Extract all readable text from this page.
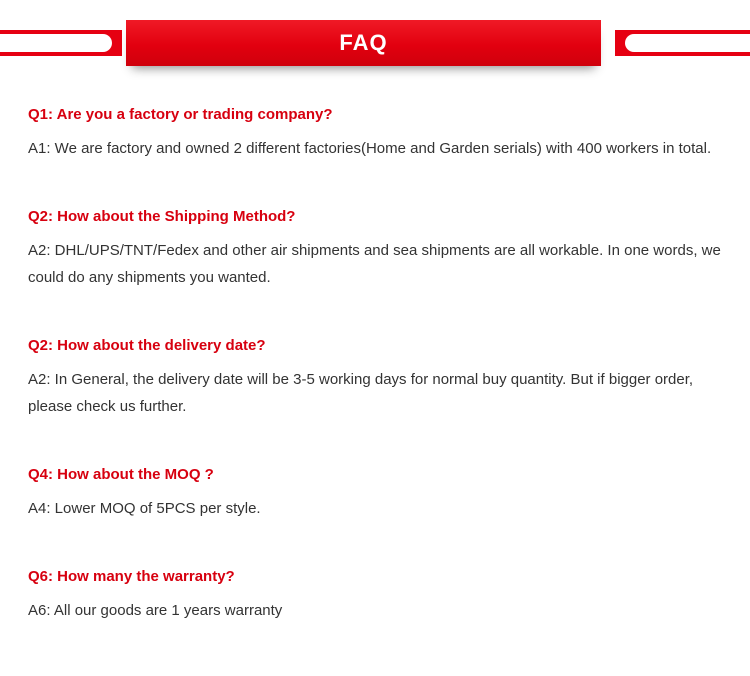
FAQ

Q1: Are you a factory or trading company?

A1: We are factory and owned 2 different factories(Home and Garden serials) with 400 workers in total.

Q2: How about the Shipping Method?

A2: DHL/UPS/TNT/Fedex and other air shipments and sea shipments are all workable. In one words, we could do any shipments you wanted.

Q2: How about the delivery date?

A2: In General, the delivery date will be 3-5 working days for normal buy quantity. But if bigger order, please check us further.

Q4: How about the MOQ ?

A4: Lower MOQ of 5PCS per style.

Q6: How many the warranty?

A6: All our goods are 1 years warranty
